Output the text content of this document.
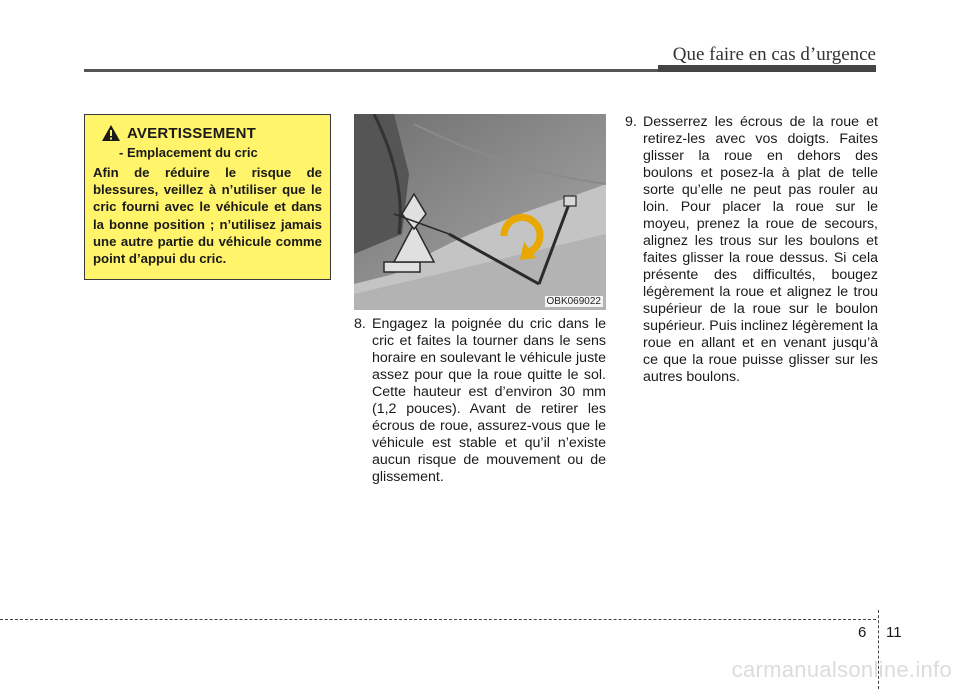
Que faire en cas d’urgence
AVERTISSEMENT
- Emplacement du cric

Afin de réduire le risque de blessures, veillez à n’utiliser que le cric fourni avec le véhicule et dans la bonne position ; n’utilisez jamais une autre partie du véhicule comme point d’appui du cric.

OBK069022
8. Engagez la poignée du cric dans le cric et faites la tourner dans le sens horaire en soulevant le véhicule juste assez pour que la roue quitte le sol. Cette hauteur est d’environ 30 mm (1,2 pouces). Avant de retirer les écrous de roue, assurez-vous que le véhicule est stable et qu’il n’existe aucun risque de mouvement ou de glissement.
9. Desserrez les écrous de la roue et retirez-les avec vos doigts. Faites glisser la roue en dehors des boulons et posez-la à plat de telle sorte qu’elle ne peut pas rouler au loin. Pour placer la roue sur le moyeu, prenez la roue de secours, alignez les trous sur les boulons et faites glisser la roue dessus. Si cela présente des difficultés, bougez légèrement la roue et alignez le trou supérieur de la roue sur le boulon supérieur. Puis inclinez légèrement la roue en allant et en venant jusqu’à ce que la roue puisse glisser sur les autres boulons.
6 11
carmanualsonline.info
